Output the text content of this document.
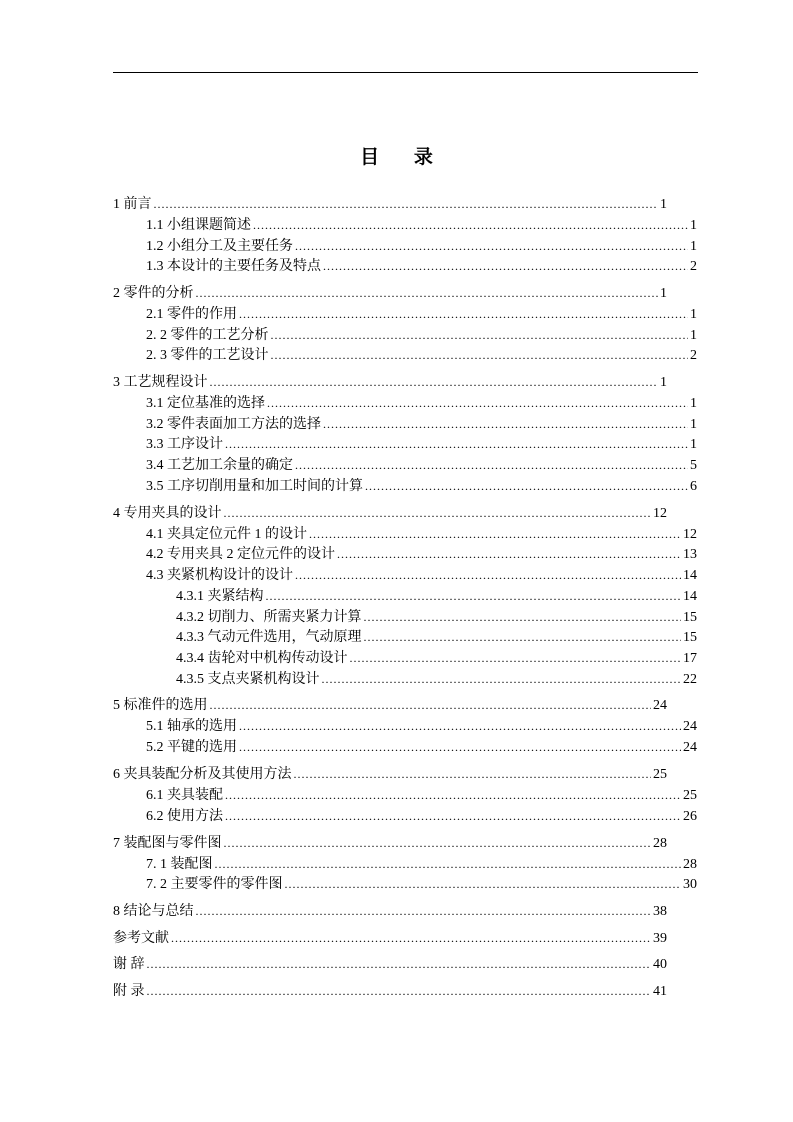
目 录
1 前言 .....	1
1.1 小组课题简述 .....	1
1.2 小组分工及主要任务 .....	1
1.3 本设计的主要任务及特点 .....	2
2 零件的分析 .....	1
2.1 零件的作用 .....	1
2. 2 零件的工艺分析 .....	1
2. 3 零件的工艺设计 .....	2
3 工艺规程设计 .....	1
3.1 定位基准的选择 .....	1
3.2 零件表面加工方法的选择 .....	1
3.3 工序设计 .....	1
3.4 工艺加工余量的确定 .....	5
3.5 工序切削用量和加工时间的计算 .....	6
4 专用夹具的设计 .....	12
4.1 夹具定位元件 1 的设计 .....	12
4.2 专用夹具 2 定位元件的设计 .....	13
4.3 夹紧机构设计的设计 .....	14
4.3.1 夹紧结构 .....	14
4.3.2 切削力、所需夹紧力计算 .....	15
4.3.3 气动元件选用，气动原理 .....	15
4.3.4 齿轮对中机构传动设计 .....	17
4.3.5 支点夹紧机构设计 .....	22
5 标准件的选用 .....	24
5.1 轴承的选用 .....	24
5.2 平键的选用 .....	24
6 夹具装配分析及其使用方法 .....	25
6.1 夹具装配 .....	25
6.2 使用方法 .....	26
7 装配图与零件图 .....	28
7. 1 装配图 .....	28
7. 2 主要零件的零件图 .....	30
8 结论与总结 .....	38
参考文献 .....	39
谢 辞 .....	40
附 录 .....	41
